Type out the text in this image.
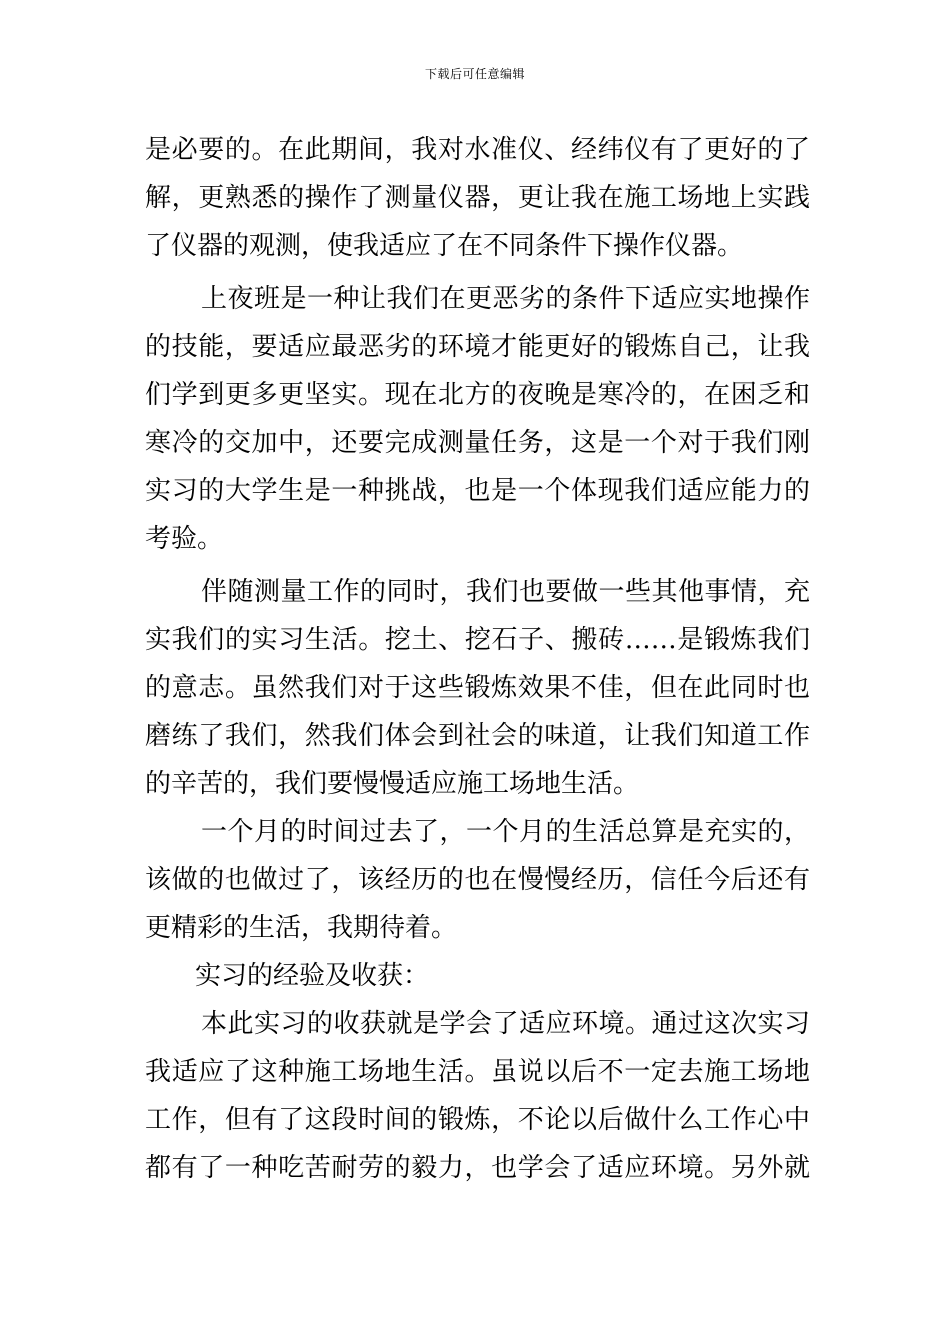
下载后可任意编辑
是必要的。在此期间，我对水准仪、经纬仪有了更好的了
解，更熟悉的操作了测量仪器，更让我在施工场地上实践
了仪器的观测，使我适应了在不同条件下操作仪器。
上夜班是一种让我们在更恶劣的条件下适应实地操作
的技能，要适应最恶劣的环境才能更好的锻炼自己，让我
们学到更多更坚实。现在北方的夜晚是寒冷的，在困乏和
寒冷的交加中，还要完成测量任务，这是一个对于我们刚
实习的大学生是一种挑战，也是一个体现我们适应能力的
考验。
伴随测量工作的同时，我们也要做一些其他事情，充
实我们的实习生活。挖土、挖石子、搬砖……是锻炼我们
的意志。虽然我们对于这些锻炼效果不佳，但在此同时也
磨练了我们，然我们体会到社会的味道，让我们知道工作
的辛苦的，我们要慢慢适应施工场地生活。
一个月的时间过去了，一个月的生活总算是充实的，
该做的也做过了，该经历的也在慢慢经历，信任今后还有
更精彩的生活，我期待着。
实习的经验及收获：
本此实习的收获就是学会了适应环境。通过这次实习
我适应了这种施工场地生活。虽说以后不一定去施工场地
工作，但有了这段时间的锻炼，不论以后做什么工作心中
都有了一种吃苦耐劳的毅力，也学会了适应环境。另外就
